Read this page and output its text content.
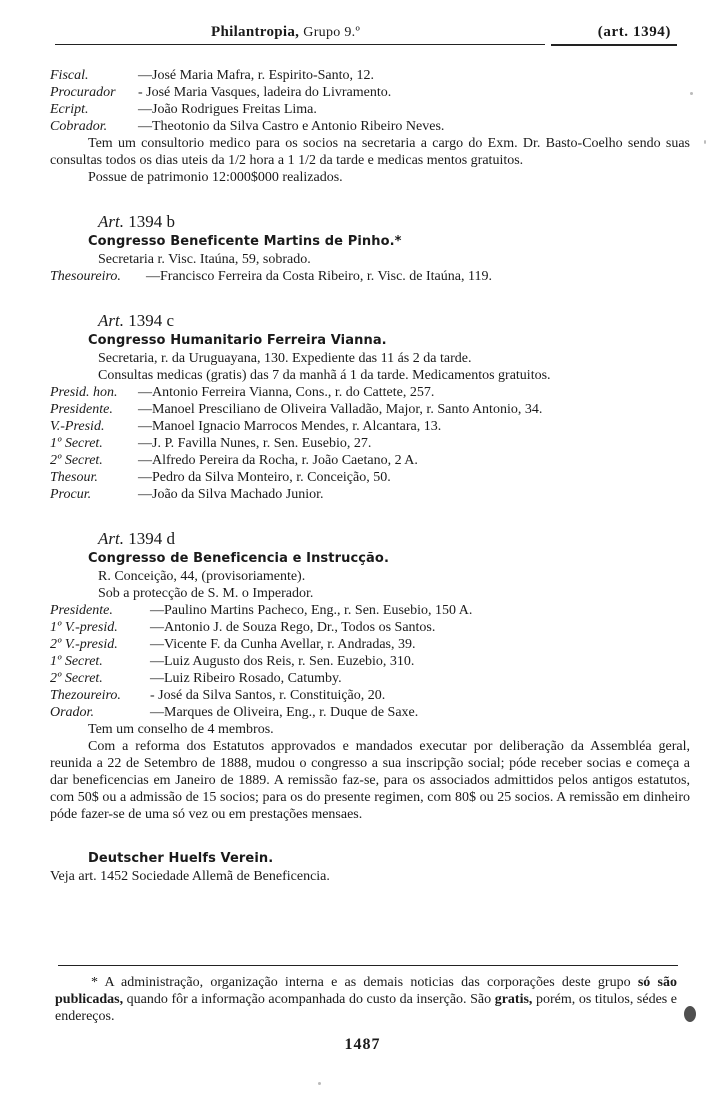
Philantropia, Grupo 9.º	(art. 1394)
Fiscal.	—José Maria Mafra, r. Espirito-Santo, 12.
Procurador	- José Maria Vasques, ladeira do Livramento.
Ecript.	—João Rodrigues Freitas Lima.
Cobrador.	—Theotonio da Silva Castro e Antonio Ribeiro Neves.
Tem um consultorio medico para os socios na secretaria a cargo do Exm. Dr. Basto-Coelho sendo suas consultas todos os dias uteis da 1/2 hora a 1 1/2 da tarde e medicas mentos gratuitos.
Possue de patrimonio 12:000$000 realizados.
Art. 1394 b
Congresso Beneficente Martins de Pinho.*
Secretaria r. Visc. Itaúna, 59, sobrado.
Thesoureiro.	—Francisco Ferreira da Costa Ribeiro, r. Visc. de Itaúna, 119.
Art. 1394 c
Congresso Humanitario Ferreira Vianna.
Secretaria, r. da Uruguayana, 130. Expediente das 11 ás 2 da tarde.
Consultas medicas (gratis) das 7 da manhã á 1 da tarde. Medicamentos gratuitos.
Presid. hon.	—Antonio Ferreira Vianna, Cons., r. do Cattete, 257.
Presidente.	—Manoel Presciliano de Oliveira Valladão, Major, r. Santo Antonio, 34.
V.-Presid.	—Manoel Ignacio Marrocos Mendes, r. Alcantara, 13.
1º Secret.	—J. P. Favilla Nunes, r. Sen. Eusebio, 27.
2º Secret.	—Alfredo Pereira da Rocha, r. João Caetano, 2 A.
Thesour.	—Pedro da Silva Monteiro, r. Conceição, 50.
Procur.	—João da Silva Machado Junior.
Art. 1394 d
Congresso de Beneficencia e Instrucção.
R. Conceição, 44, (provisoriamente).
Sob a protecção de S. M. o Imperador.
Presidente.	—Paulino Martins Pacheco, Eng., r. Sen. Eusebio, 150 A.
1º V.-presid.	—Antonio J. de Souza Rego, Dr., Todos os Santos.
2º V.-presid.	—Vicente F. da Cunha Avellar, r. Andradas, 39.
1º Secret.	—Luiz Augusto dos Reis, r. Sen. Euzebio, 310.
2º Secret.	—Luiz Ribeiro Rosado, Catumby.
Thezoureiro.	- José da Silva Santos, r. Constituição, 20.
Orador.	—Marques de Oliveira, Eng., r. Duque de Saxe.
Tem um conselho de 4 membros.
Com a reforma dos Estatutos approvados e mandados executar por deliberação da Assembléa geral, reunida a 22 de Setembro de 1888, mudou o congresso a sua inscripção social; póde receber socias e começa a dar beneficencias em Janeiro de 1889. A remissão faz-se, para os associados admittidos pelos antigos estatutos, com 50$ ou a admissão de 15 socios; para os do presente regimen, com 80$ ou 25 socios. A remissão em dinheiro póde fazer-se de uma só vez ou em prestações mensaes.
Deutscher Huelfs Verein.
Veja art. 1452 Sociedade Allemã de Beneficencia.
* A administração, organização interna e as demais noticias das corporações deste grupo só são publicadas, quando fôr a informação acompanhada do custo da inserção. São gratis, porém, os titulos, sédes e endereços.
1487
